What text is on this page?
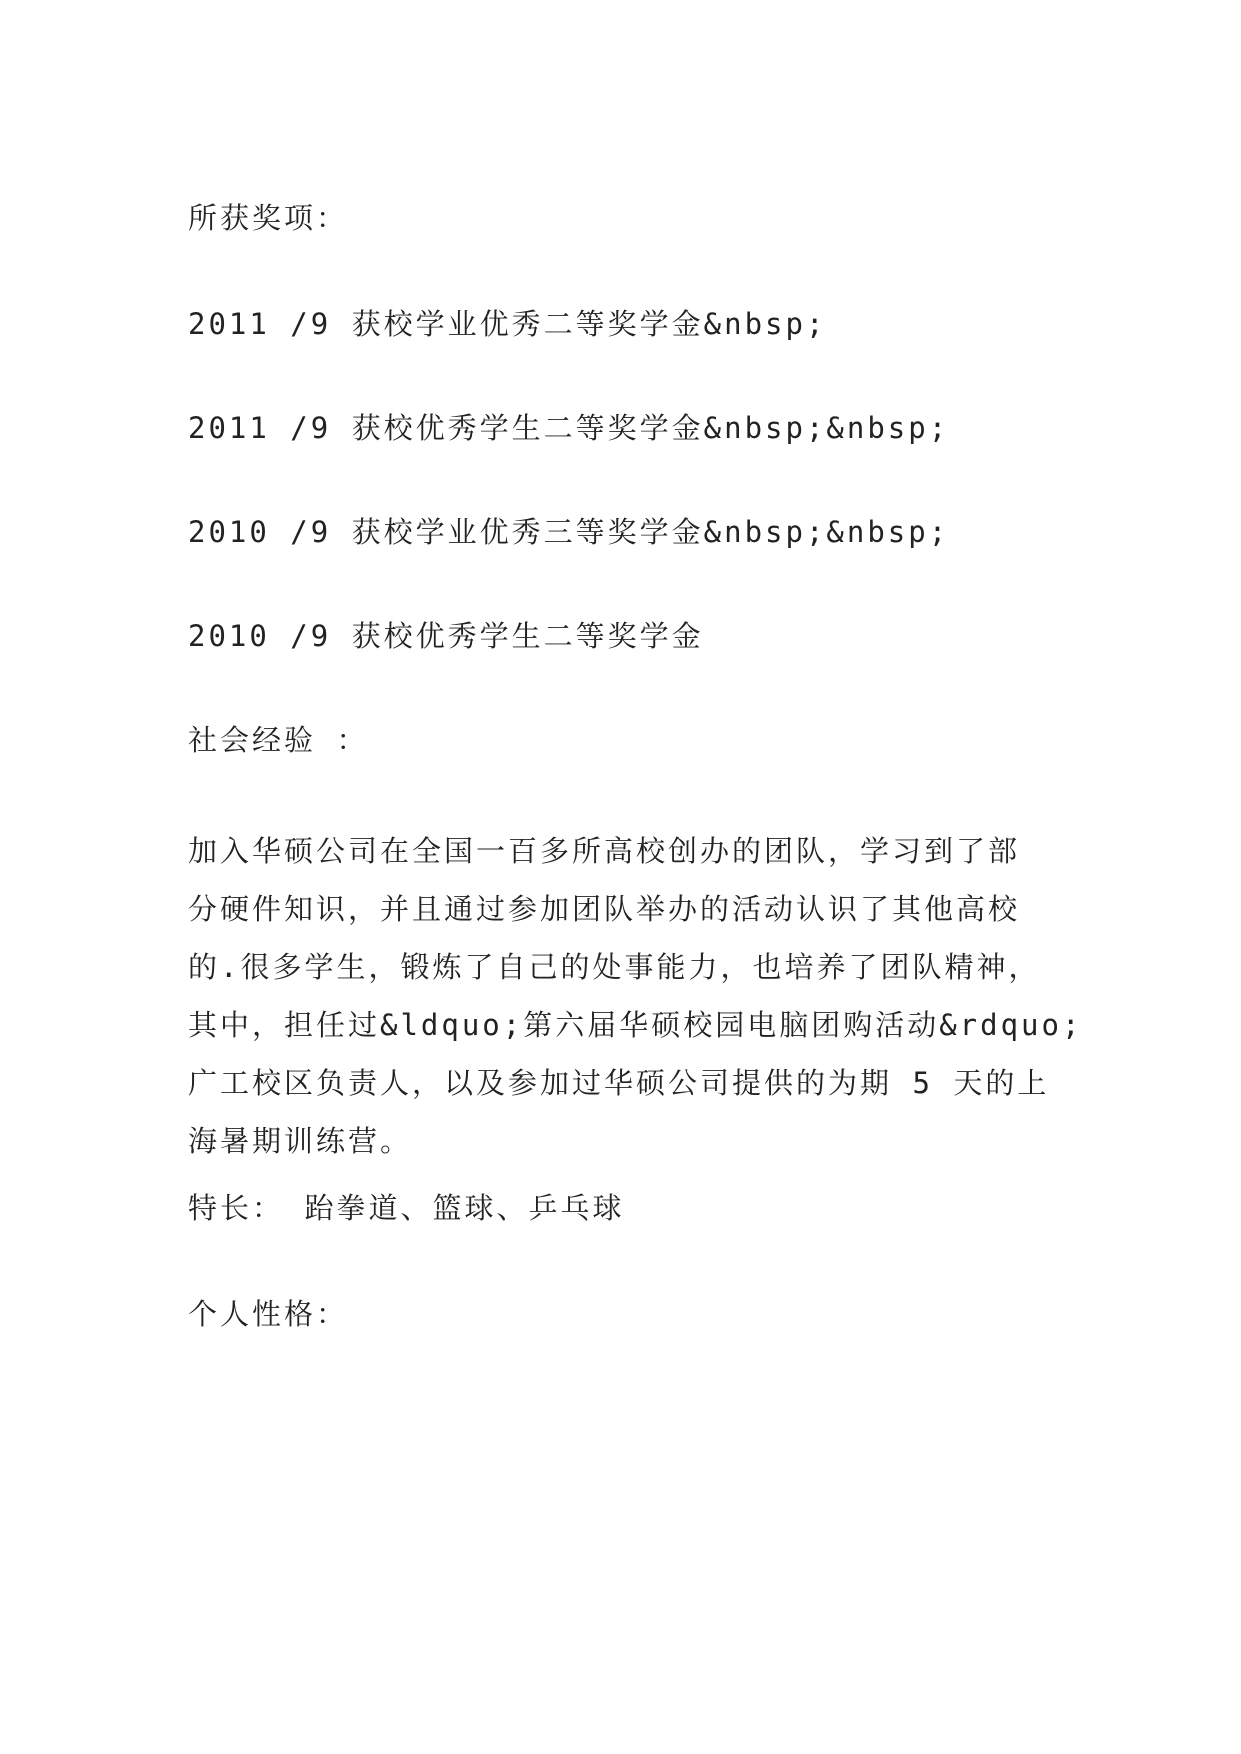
所获奖项：

2011 /9 获校学业优秀二等奖学金&nbsp;

2011 /9 获校优秀学生二等奖学金&nbsp;&nbsp;

2010 /9 获校学业优秀三等奖学金&nbsp;&nbsp;

2010 /9 获校优秀学生二等奖学金

社会经验 ：

加入华硕公司在全国一百多所高校创办的团队，学习到了部
分硬件知识，并且通过参加团队举办的活动认识了其他高校
的.很多学生，锻炼了自己的处事能力，也培养了团队精神，
其中，担任过&ldquo;第六届华硕校园电脑团购活动&rdquo;
广工校区负责人，以及参加过华硕公司提供的为期 5 天的上
海暑期训练营。

特长： 跆拳道、篮球、乒乓球

个人性格：
